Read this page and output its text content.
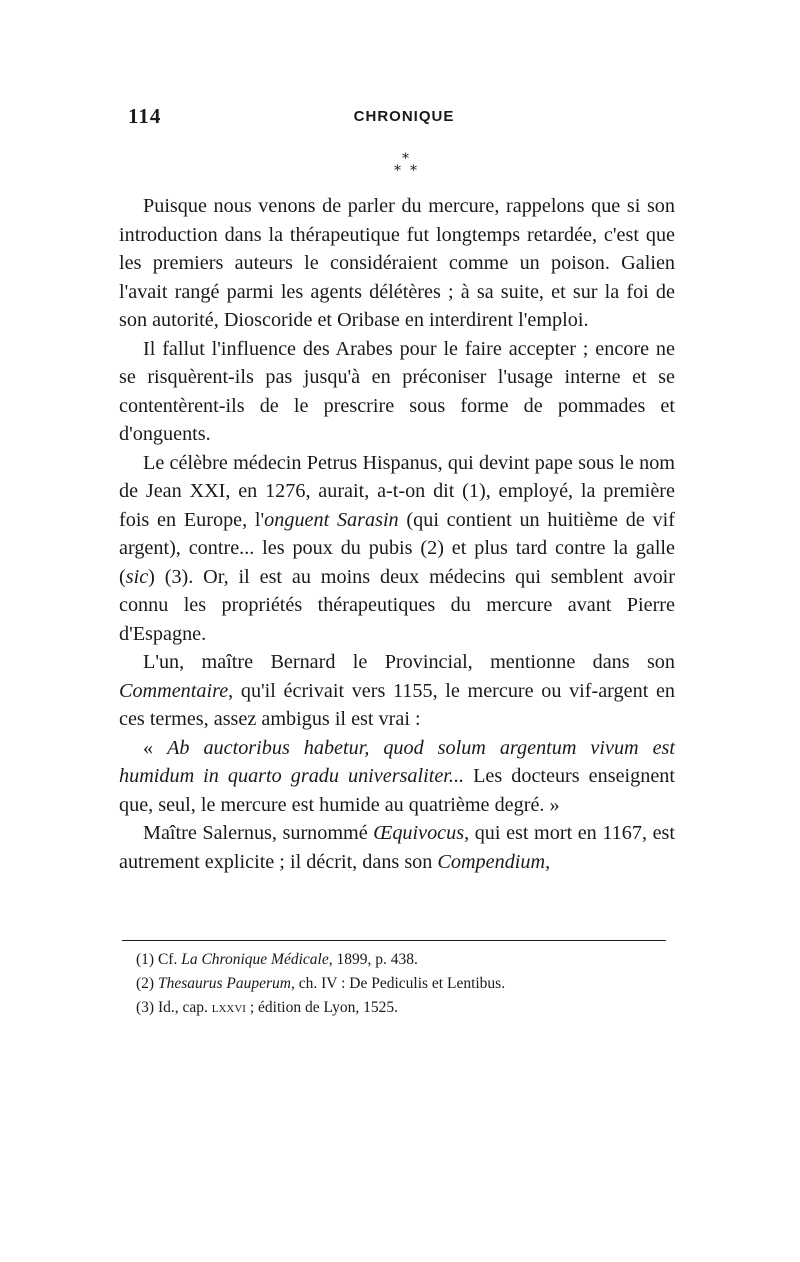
114	CHRONIQUE
*
* *

Puisque nous venons de parler du mercure, rappelons que si son introduction dans la thérapeutique fut longtemps retardée, c'est que les premiers auteurs le considéraient comme un poison. Galien l'avait rangé parmi les agents délétères ; à sa suite, et sur la foi de son autorité, Dioscoride et Oribase en interdirent l'emploi.

Il fallut l'influence des Arabes pour le faire accepter ; encore ne se risquèrent-ils pas jusqu'à en préconiser l'usage interne et se contentèrent-ils de le prescrire sous forme de pommades et d'onguents.

Le célèbre médecin Petrus Hispanus, qui devint pape sous le nom de Jean XXI, en 1276, aurait, a-t-on dit (1), employé, la première fois en Europe, l'onguent Sarasin (qui contient un huitième de vif argent), contre... les poux du pubis (2) et plus tard contre la galle (sic) (3). Or, il est au moins deux médecins qui semblent avoir connu les propriétés thérapeutiques du mercure avant Pierre d'Espagne.

L'un, maître Bernard le Provincial, mentionne dans son Commentaire, qu'il écrivait vers 1155, le mercure ou vif-argent en ces termes, assez ambigus il est vrai :

« Ab auctoribus habetur, quod solum argentum vivum est humidum in quarto gradu universaliter... Les docteurs enseignent que, seul, le mercure est humide au quatrième degré. »

Maître Salernus, surnommé Œquivocus, qui est mort en 1167, est autrement explicite ; il décrit, dans son Compendium,

(1) Cf. La Chronique Médicale, 1899, p. 438.
(2) Thesaurus Pauperum, ch. IV : De Pediculis et Lentibus.
(3) Id., cap. lxxvi ; édition de Lyon, 1525.
